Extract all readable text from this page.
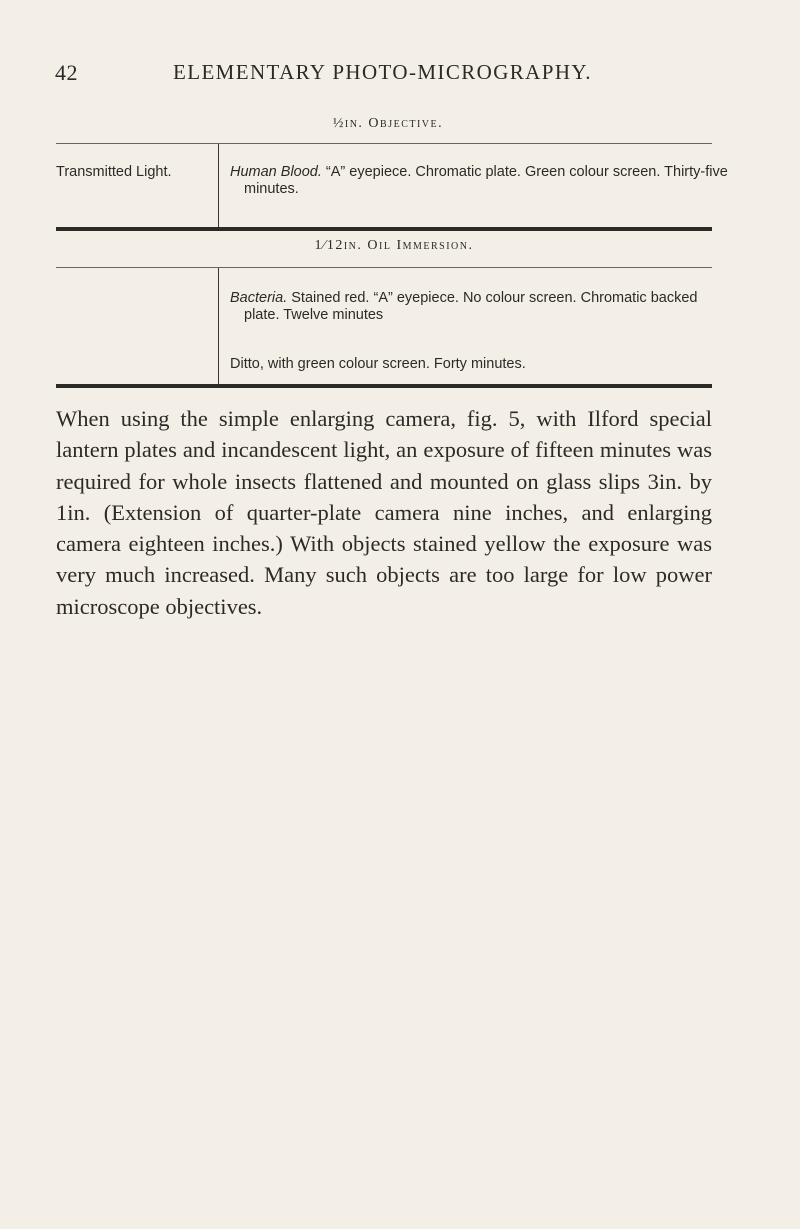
42	ELEMENTARY PHOTO-MICROGRAPHY.
½in. Objective.
Transmitted Light.	Human Blood. “A” eyepiece. Chromatic plate. Green colour screen. Thirty-five minutes.
1⁄12in. Oil Immersion.
Bacteria. Stained red. “A” eyepiece. No colour screen. Chromatic backed plate. Twelve minutes
Ditto, with green colour screen. Forty minutes.

When using the simple enlarging camera, fig. 5, with Ilford special lantern plates and incandescent light, an exposure of fifteen minutes was required for whole insects flattened and mounted on glass slips 3in. by 1in. (Extension of quarter-plate camera nine inches, and enlarging camera eighteen inches.) With objects stained yellow the exposure was very much increased. Many such objects are too large for low power microscope objectives.
